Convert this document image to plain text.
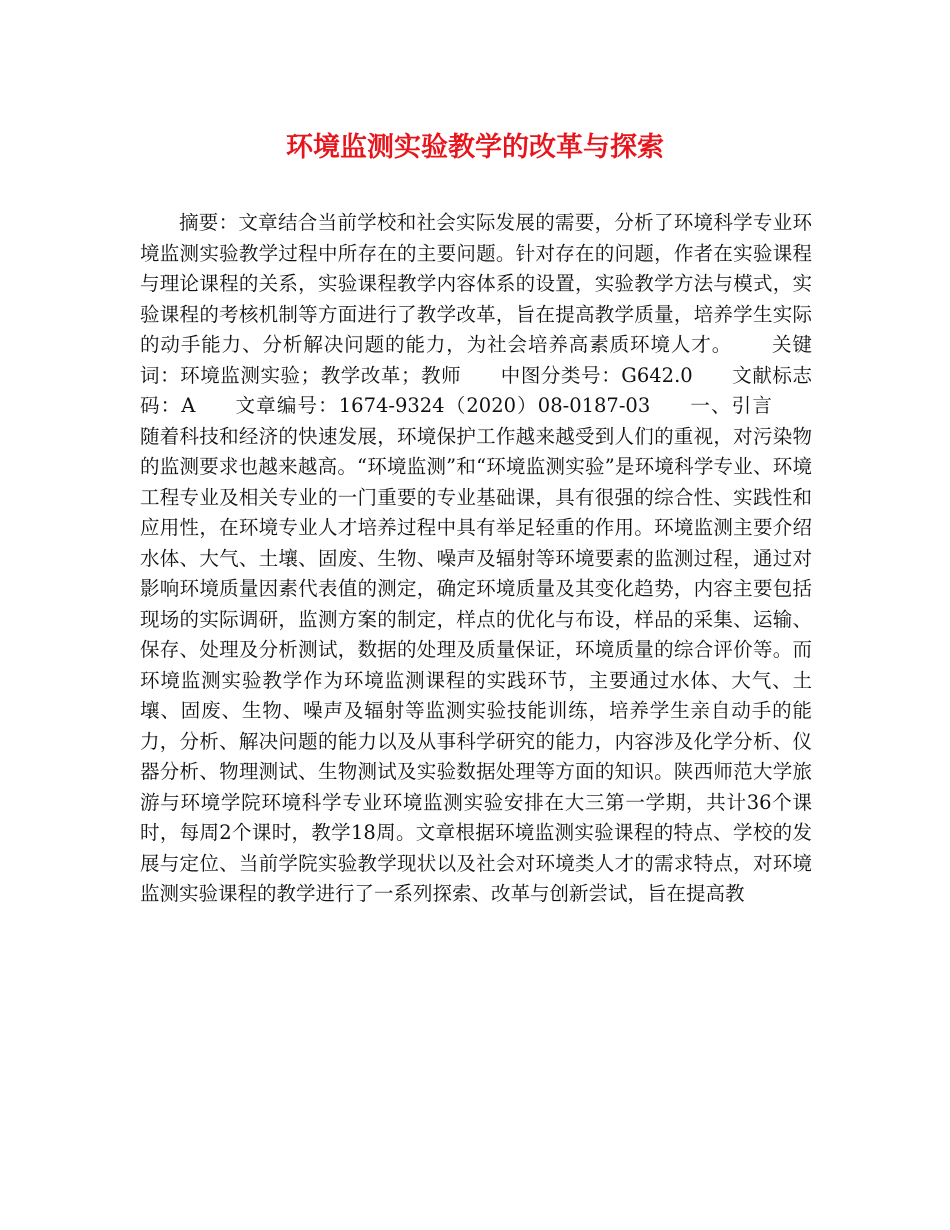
环境监测实验教学的改革与探索

摘要：文章结合当前学校和社会实际发展的需要，分析了环境科学专业环境监测实验教学过程中所存在的主要问题。针对存在的问题，作者在实验课程与理论课程的关系，实验课程教学内容体系的设置，实验教学方法与模式，实验课程的考核机制等方面进行了教学改革，旨在提高教学质量，培养学生实际的动手能力、分析解决问题的能力，为社会培养高素质环境人才。 关键词：环境监测实验；教学改革；教师 中图分类号：G642.0 文献标志码：A 文章编号：1674-9324（2020）08-0187-03 一、引言随着科技和经济的快速发展，环境保护工作越来越受到人们的重视，对污染物的监测要求也越来越高。“环境监测”和“环境监测实验”是环境科学专业、环境工程专业及相关专业的一门重要的专业基础课，具有很强的综合性、实践性和应用性，在环境专业人才培养过程中具有举足轻重的作用。环境监测主要介绍水体、大气、土壤、固废、生物、噪声及辐射等环境要素的监测过程，通过对影响环境质量因素代表值的测定，确定环境质量及其变化趋势，内容主要包括现场的实际调研，监测方案的制定，样点的优化与布设，样品的采集、运输、保存、处理及分析测试，数据的处理及质量保证，环境质量的综合评价等。而环境监测实验教学作为环境监测课程的实践环节，主要通过水体、大气、土壤、固废、生物、噪声及辐射等监测实验技能训练，培养学生亲自动手的能力，分析、解决问题的能力以及从事科学研究的能力，内容涉及化学分析、仪器分析、物理测试、生物测试及实验数据处理等方面的知识。陕西师范大学旅游与环境学院环境科学专业环境监测实验安排在大三第一学期，共计36个课时，每周2个课时，教学18周。文章根据环境监测实验课程的特点、学校的发展与定位、当前学院实验教学现状以及社会对环境类人才的需求特点，对环境监测实验课程的教学进行了一系列探索、改革与创新尝试，旨在提高教
